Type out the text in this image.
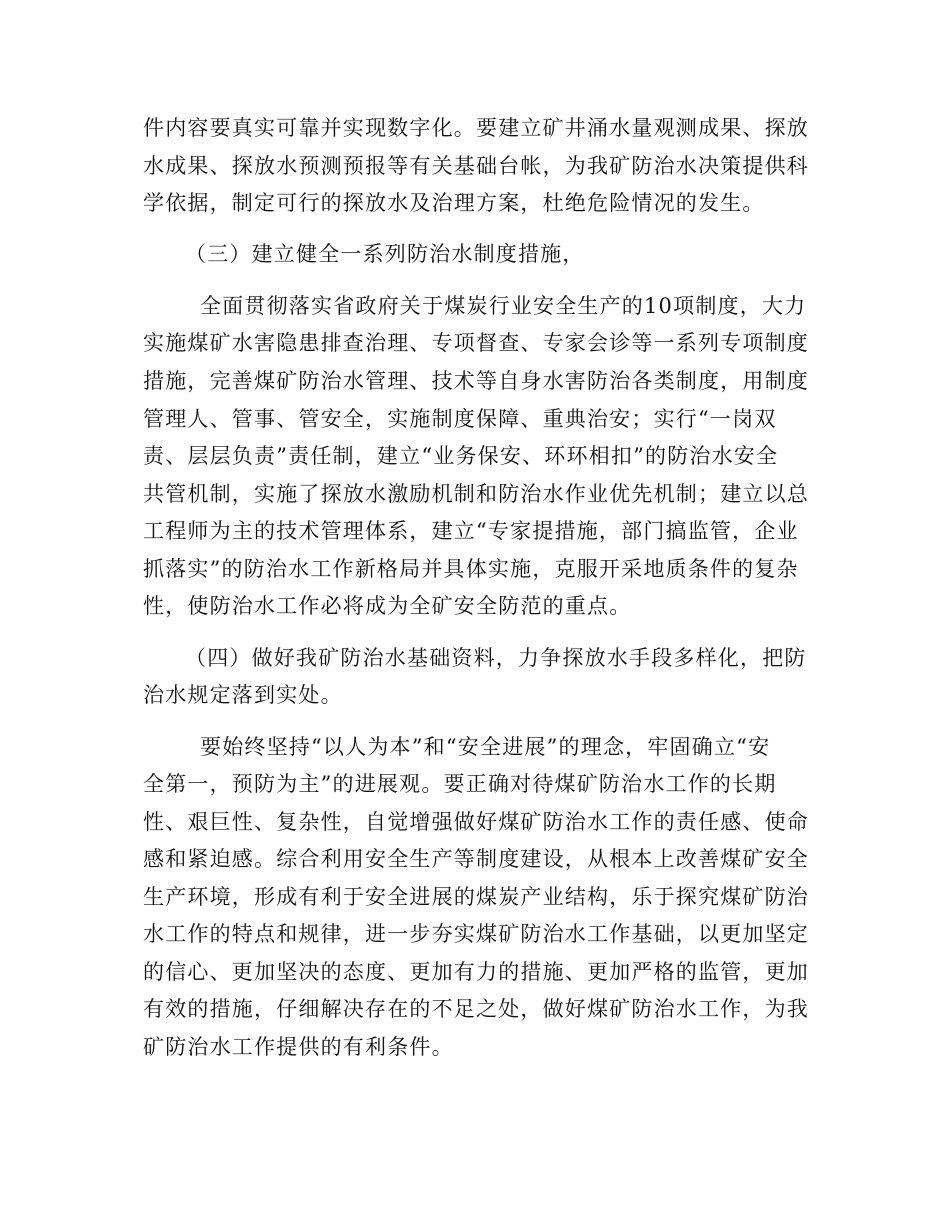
件内容要真实可靠并实现数字化。要建立矿井涌水量观测成果、探放
水成果、探放水预测预报等有关基础台帐，为我矿防治水决策提供科
学依据，制定可行的探放水及治理方案，杜绝危险情况的发生。
（三）建立健全一系列防治水制度措施，
全面贯彻落实省政府关于煤炭行业安全生产的10项制度，大力
实施煤矿水害隐患排查治理、专项督查、专家会诊等一系列专项制度
措施，完善煤矿防治水管理、技术等自身水害防治各类制度，用制度
管理人、管事、管安全，实施制度保障、重典治安；实行“一岗双
责、层层负责”责任制，建立“业务保安、环环相扣”的防治水安全
共管机制，实施了探放水激励机制和防治水作业优先机制；建立以总
工程师为主的技术管理体系，建立“专家提措施，部门搞监管，企业
抓落实”的防治水工作新格局并具体实施，克服开采地质条件的复杂
性，使防治水工作必将成为全矿安全防范的重点。
（四）做好我矿防治水基础资料，力争探放水手段多样化，把防
治水规定落到实处。
要始终坚持“以人为本”和“安全进展”的理念，牢固确立“安
全第一，预防为主”的进展观。要正确对待煤矿防治水工作的长期
性、艰巨性、复杂性，自觉增强做好煤矿防治水工作的责任感、使命
感和紧迫感。综合利用安全生产等制度建设，从根本上改善煤矿安全
生产环境，形成有利于安全进展的煤炭产业结构，乐于探究煤矿防治
水工作的特点和规律，进一步夯实煤矿防治水工作基础，以更加坚定
的信心、更加坚决的态度、更加有力的措施、更加严格的监管，更加
有效的措施，仔细解决存在的不足之处，做好煤矿防治水工作，为我
矿防治水工作提供的有利条件。
